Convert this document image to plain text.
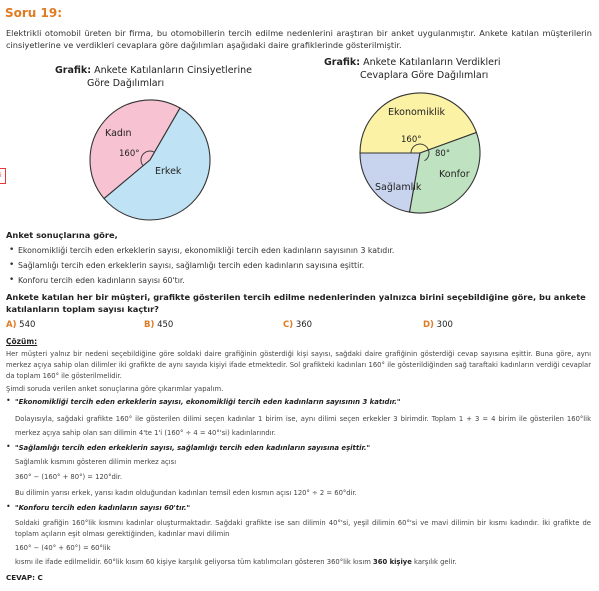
Soru 19:
Elektrikli otomobil üreten bir firma, bu otomobillerin tercih edilme nedenlerini araştıran bir anket uygulanmıştır. Ankete katılan müşterilerin cinsiyetlerine ve verdikleri cevaplara göre dağılımları aşağıdaki daire grafiklerinde gösterilmiştir.
Grafik: Ankete Katılanların Cinsiyetlerine
Göre Dağılımları
Grafik: Ankete Katılanların Verdikleri
Cevaplara Göre Dağılımları
i
Kadın
Erkek
160°
Ekonomiklik
Konfor
Sağlamlık
160°
80°
Anket sonuçlarına göre,
• Ekonomikliği tercih eden erkeklerin sayısı, ekonomikliği tercih eden kadınların sayısının 3 katıdır.
• Sağlamlığı tercih eden erkeklerin sayısı, sağlamlığı tercih eden kadınların sayısına eşittir.
• Konforu tercih eden kadınların sayısı 60'tır.
Ankete katılan her bir müşteri, grafikte gösterilen tercih edilme nedenlerinden yalnızca birini seçebildiğine göre, bu ankete katılanların toplam sayısı kaçtır?
A) 540	B) 450	C) 360	D) 300
Çözüm:
Her müşteri yalnız bir nedeni seçebildiğine göre soldaki daire grafiğinin gösterdiği kişi sayısı, sağdaki daire grafiğinin gösterdiği cevap sayısına eşittir. Buna göre, aynı merkez açıya sahip olan dilimler iki grafikte de aynı sayıda kişiyi ifade etmektedir. Sol grafikteki kadınları 160° ile gösterildiğinden sağ taraftaki kadınların verdiği cevaplar da toplam 160° ile gösterilmelidir.
Şimdi soruda verilen anket sonuçlarına göre çıkarımlar yapalım.
• "Ekonomikliği tercih eden erkeklerin sayısı, ekonomikliği tercih eden kadınların sayısının 3 katıdır."
Dolayısıyla, sağdaki grafikte 160° ile gösterilen dilimi seçen kadınlar 1 birim ise, aynı dilimi seçen erkekler 3 birimdir. Toplam 1 + 3 = 4 birim ile gösterilen 160°lik merkez açıya sahip olan sarı dilimin 4'te 1'i (160° ÷ 4 = 40°'si) kadınlarındır.
• "Sağlamlığı tercih eden erkeklerin sayısı, sağlamlığı tercih eden kadınların sayısına eşittir."
Sağlamlık kısmını gösteren dilimin merkez açısı
360° − (160° + 80°) = 120°dir.
Bu dilimin yarısı erkek, yarısı kadın olduğundan kadınları temsil eden kısmın açısı 120° ÷ 2 = 60°dir.
• "Konforu tercih eden kadınların sayısı 60'tır."
Soldaki grafiğin 160°lik kısmını kadınlar oluşturmaktadır. Sağdaki grafikte ise sarı dilimin 40°'si, yeşil dilimin 60°'si ve mavi dilimin bir kısmı kadındır. İki grafikte de toplam açıların eşit olması gerektiğinden, kadınlar mavi dilimin
160° − (40° + 60°) = 60°lik
kısmı ile ifade edilmelidir. 60°lik kısım 60 kişiye karşılık geliyorsa tüm katılımcıları gösteren 360°lik kısım 360 kişiye karşılık gelir.
CEVAP: C
